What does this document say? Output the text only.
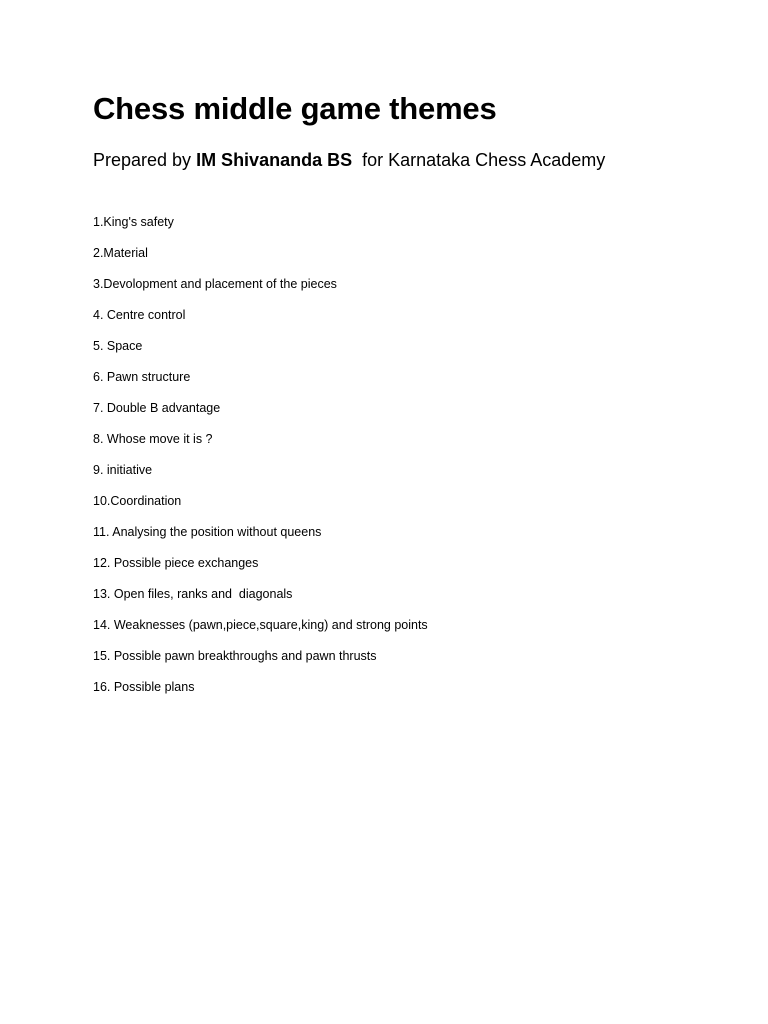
Chess middle game themes

Prepared by IM Shivananda BS  for Karnataka Chess Academy

1.King's safety
2.Material
3.Devolopment and placement of the pieces
4. Centre control
5. Space
6. Pawn structure
7. Double B advantage
8. Whose move it is ?
9. initiative
10.Coordination
11. Analysing the position without queens
12. Possible piece exchanges
13. Open files, ranks and  diagonals
14. Weaknesses (pawn,piece,square,king) and strong points
15. Possible pawn breakthroughs and pawn thrusts
16. Possible plans
